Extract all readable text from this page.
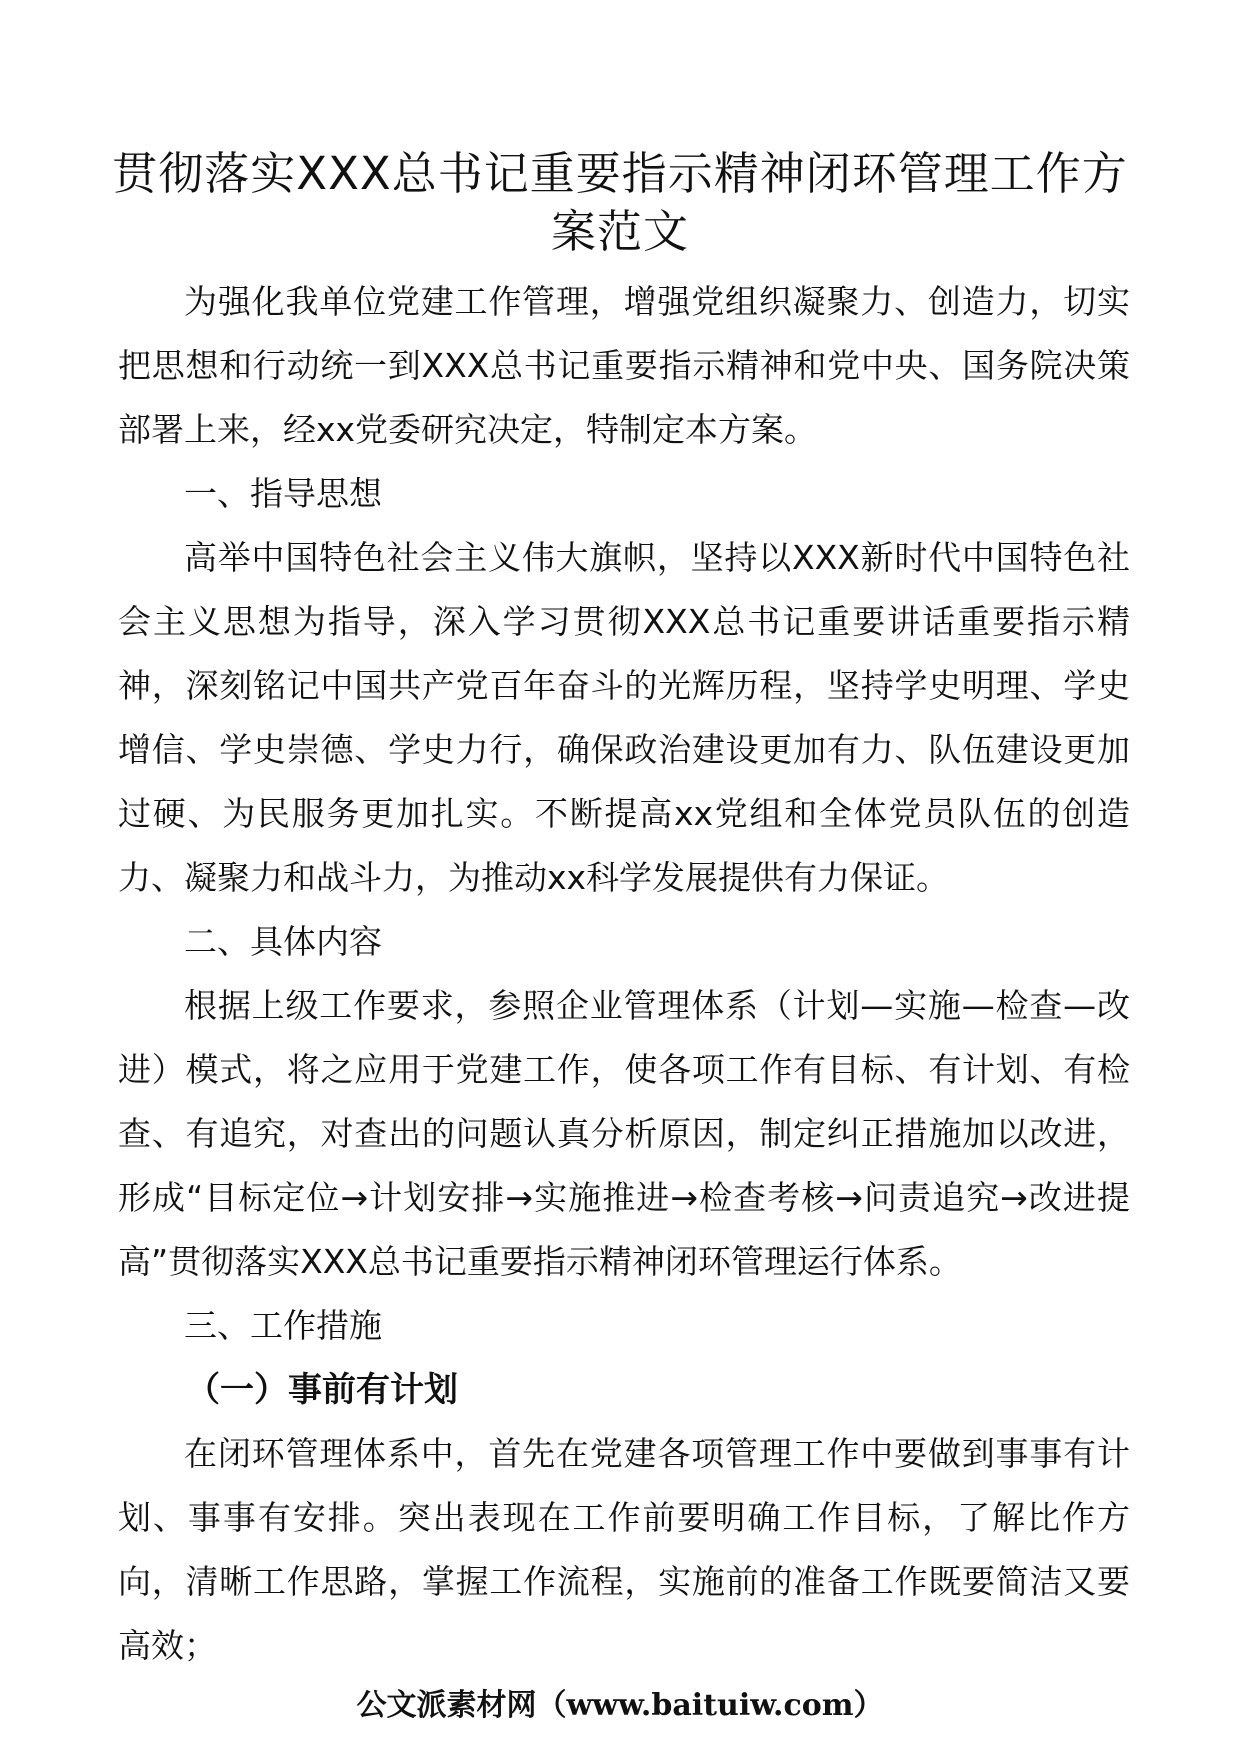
贯彻落实XXX总书记重要指示精神闭环管理工作方案范文

为强化我单位党建工作管理，增强党组织凝聚力、创造力，切实把思想和行动统一到XXX总书记重要指示精神和党中央、国务院决策部署上来，经xx党委研究决定，特制定本方案。

一、指导思想

高举中国特色社会主义伟大旗帜，坚持以XXX新时代中国特色社会主义思想为指导，深入学习贯彻XXX总书记重要讲话重要指示精神，深刻铭记中国共产党百年奋斗的光辉历程，坚持学史明理、学史增信、学史崇德、学史力行，确保政治建设更加有力、队伍建设更加过硬、为民服务更加扎实。不断提高xx党组和全体党员队伍的创造力、凝聚力和战斗力，为推动xx科学发展提供有力保证。

二、具体内容

根据上级工作要求，参照企业管理体系（计划—实施—检查—改进）模式，将之应用于党建工作，使各项工作有目标、有计划、有检查、有追究，对查出的问题认真分析原因，制定纠正措施加以改进，形成“目标定位→计划安排→实施推进→检查考核→问责追究→改进提高”贯彻落实XXX总书记重要指示精神闭环管理运行体系。

三、工作措施

（一）事前有计划

在闭环管理体系中，首先在党建各项管理工作中要做到事事有计划、事事有安排。突出表现在工作前要明确工作目标，了解比作方向，清晰工作思路，掌握工作流程，实施前的准备工作既要简洁又要高效；

公文派素材网（www.baituiw.com）
